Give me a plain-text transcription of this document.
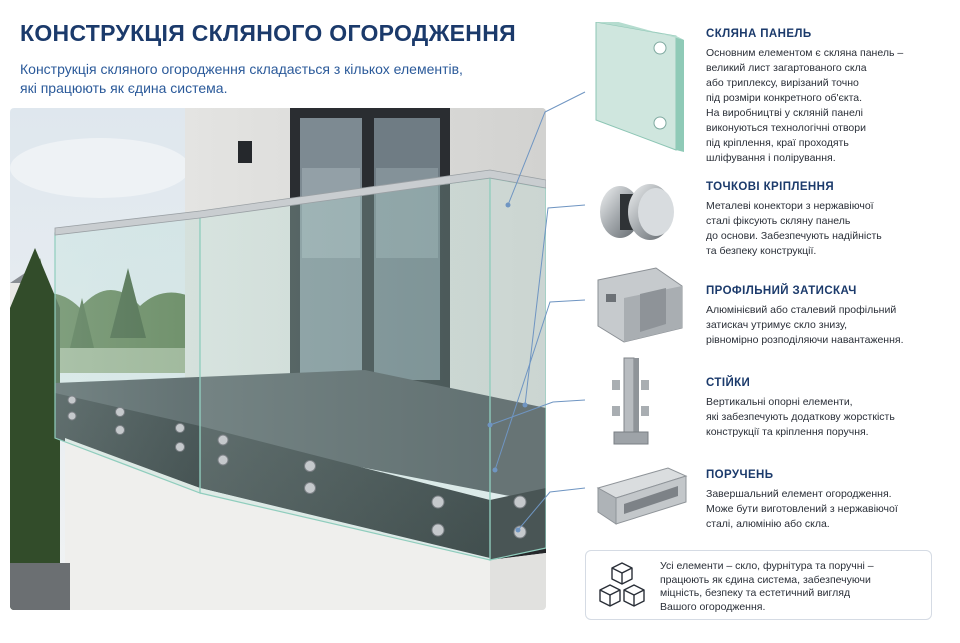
КОНСТРУКЦІЯ СКЛЯНОГО ОГОРОДЖЕННЯ
Конструкція скляного огородження складається з кількох елементів,
які працюють як єдина система.
СКЛЯНА ПАНЕЛЬ
Основним елементом є скляна панель –
великий лист загартованого скла
або триплексу, вирізаний точно
під розміри конкретного об'єкта.
На виробництві у скляній панелі
виконуються технологічні отвори
під кріплення, краї проходять
шліфування і полірування.
ТОЧКОВІ КРІПЛЕННЯ
Металеві конектори з нержавіючої
сталі фіксують скляну панель
до основи. Забезпечують надійність
та безпеку конструкції.
ПРОФІЛЬНИЙ ЗАТИСКАЧ
Алюмінієвий або сталевий профільний
затискач утримує скло знизу,
рівномірно розподіляючи навантаження.
СТІЙКИ
Вертикальні опорні елементи,
які забезпечують додаткову жорсткість
конструкції та кріплення поручня.
ПОРУЧЕНЬ
Завершальний елемент огородження.
Може бути виготовлений з нержавіючої
сталі, алюмінію або скла.
Усі елементи – скло, фурнітура та поручні –
працюють як єдина система, забезпечуючи
міцність, безпеку та естетичний вигляд
Вашого огородження.
